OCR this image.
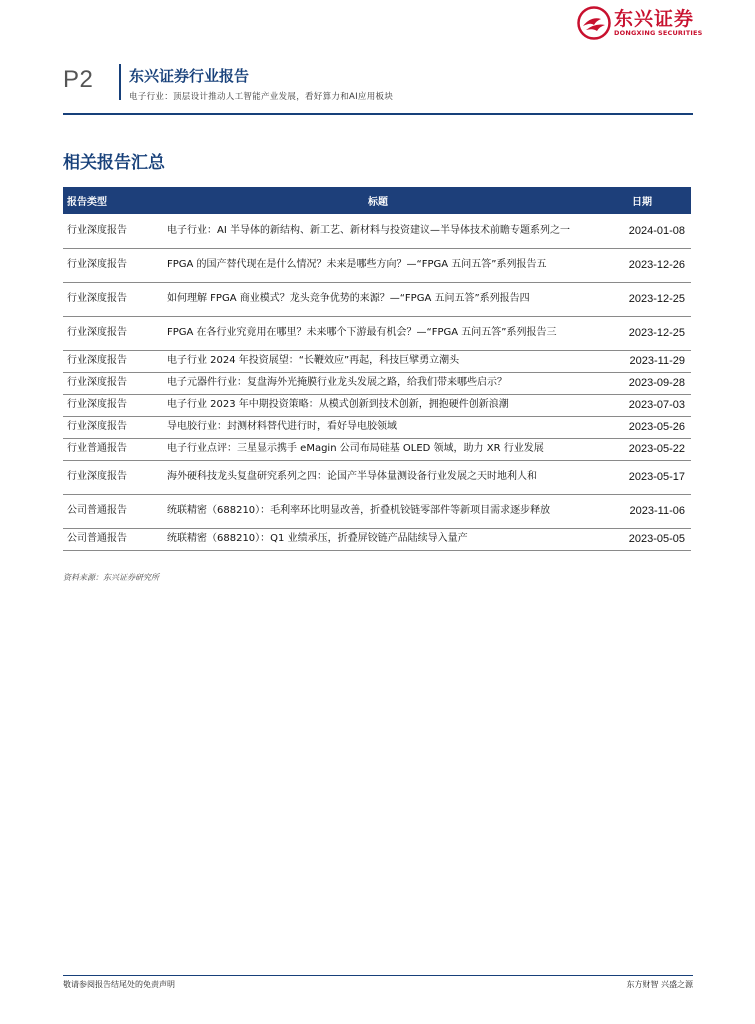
P2 东兴证券行业报告
电子行业：顶层设计推动人工智能产业发展，看好算力和AI应用板块
东兴证券
DONGXING SECURITIES
相关报告汇总
报告类型	标题	日期
行业深度报告	电子行业：AI 半导体的新结构、新工艺、新材料与投资建议—半导体技术前瞻专题系列之一	2024-01-08
行业深度报告	FPGA 的国产替代现在是什么情况？未来是哪些方向？—“FPGA 五问五答”系列报告五	2023-12-26
行业深度报告	如何理解 FPGA 商业模式？龙头竞争优势的来源？—“FPGA 五问五答”系列报告四	2023-12-25
行业深度报告	FPGA 在各行业究竟用在哪里？未来哪个下游最有机会？—“FPGA 五问五答”系列报告三	2023-12-25
行业深度报告	电子行业 2024 年投资展望：“长鞭效应”再起，科技巨擘勇立潮头	2023-11-29
行业深度报告	电子元器件行业：复盘海外光掩膜行业龙头发展之路，给我们带来哪些启示？	2023-09-28
行业深度报告	电子行业 2023 年中期投资策略：从模式创新到技术创新，拥抱硬件创新浪潮	2023-07-03
行业深度报告	导电胶行业：封测材料替代进行时，看好导电胶领域	2023-05-26
行业普通报告	电子行业点评：三星显示携手 eMagin 公司布局硅基 OLED 领域，助力 XR 行业发展	2023-05-22
行业深度报告	海外硬科技龙头复盘研究系列之四：论国产半导体量测设备行业发展之天时地利人和	2023-05-17
公司普通报告	统联精密（688210）：毛利率环比明显改善，折叠机铰链零部件等新项目需求逐步释放	2023-11-06
公司普通报告	统联精密（688210）：Q1 业绩承压，折叠屏铰链产品陆续导入量产	2023-05-05
资料来源：东兴证券研究所
敬请参阅报告结尾处的免责声明	东方财智 兴盛之源
